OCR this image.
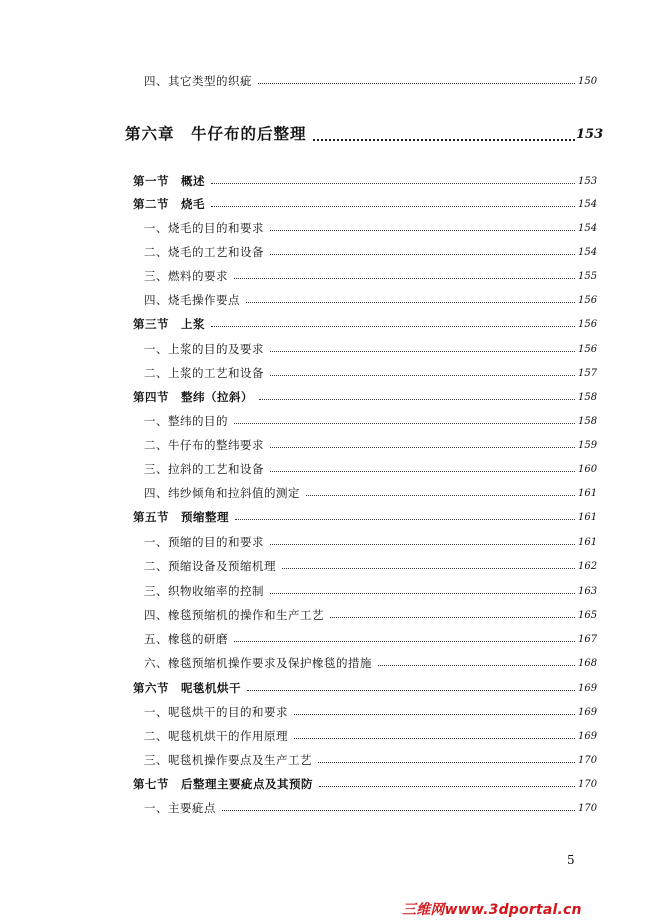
四、其它类型的织疵	150
第六章　牛仔布的后整理	153
第一节　概述	153
第二节　烧毛	154
一、烧毛的目的和要求	154
二、烧毛的工艺和设备	154
三、燃料的要求	155
四、烧毛操作要点	156
第三节　上浆	156
一、上浆的目的及要求	156
二、上浆的工艺和设备	157
第四节　整纬（拉斜）	158
一、整纬的目的	158
二、牛仔布的整纬要求	159
三、拉斜的工艺和设备	160
四、纬纱倾角和拉斜值的测定	161
第五节　预缩整理	161
一、预缩的目的和要求	161
二、预缩设备及预缩机理	162
三、织物收缩率的控制	163
四、橡毯预缩机的操作和生产工艺	165
五、橡毯的研磨	167
六、橡毯预缩机操作要求及保护橡毯的措施	168
第六节　呢毯机烘干	169
一、呢毯烘干的目的和要求	169
二、呢毯机烘干的作用原理	169
三、呢毯机操作要点及生产工艺	170
第七节　后整理主要疵点及其预防	170
一、主要疵点	170
5
三维网www.3dportal.cn
